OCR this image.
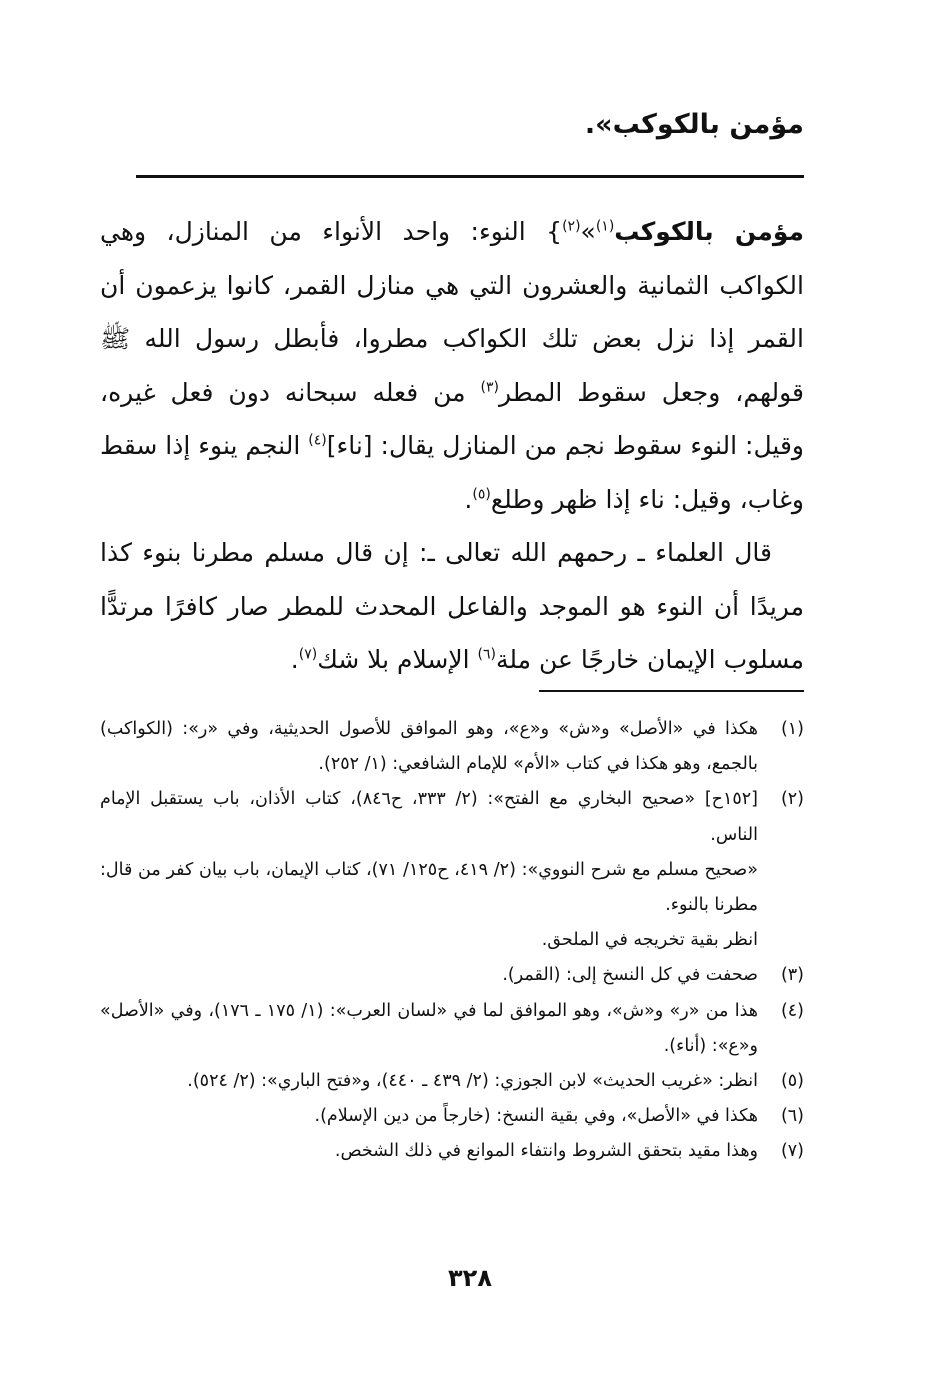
مؤمن بالكوكب».

مؤمن بالكوكب$^{(١)}$»$^{(٢)}$} النوء: واحد الأنواء من المنازل، وهي الكواكب الثمانية والعشرون التي هي منازل القمر، كانوا يزعمون أن القمر إذا نزل بعض تلك الكواكب مطروا، فأبطل رسول الله ﷺ قولهم، وجعل سقوط المطر$^{(٣)}$ من فعله سبحانه دون فعل غيره، وقيل: النوء سقوط نجم من المنازل يقال: [ناء]$^{(٤)}$ النجم ينوء إذا سقط وغاب، وقيل: ناء إذا ظهر وطلع$^{(٥)}$.

قال العلماء ـ رحمهم الله تعالى ـ: إن قال مسلم مطرنا بنوء كذا مريدًا أن النوء هو الموجد والفاعل المحدث للمطر صار كافرًا مرتدًّا مسلوب الإيمان خارجًا عن ملة$^{(٦)}$ الإسلام بلا شك$^{(٧)}$.

(١)

هكذا في «الأصل» و«ش» و«ع»، وهو الموافق للأصول الحديثية، وفي «ر»: (الكواكب) بالجمع، وهو هكذا في كتاب «الأم» للإمام الشافعي: (١/ ٢٥٢).

(٢)

[١٥٢ح] «صحيح البخاري مع الفتح»: (٢/ ٣٣٣، ح٨٤٦)، كتاب الأذان، باب يستقبل الإمام الناس.

«صحيح مسلم مع شرح النووي»: (٢/ ٤١٩، ح١٢٥/ ٧١)، كتاب الإيمان، باب بيان كفر من قال: مطرنا بالنوء.

انظر بقية تخريجه في الملحق.

(٣)

صحفت في كل النسخ إلى: (القمر).

(٤)

هذا من «ر» و«ش»، وهو الموافق لما في «لسان العرب»: (١/ ١٧٥ ـ ١٧٦)، وفي «الأصل» و«ع»: (أناء).

(٥)

انظر: «غريب الحديث» لابن الجوزي: (٢/ ٤٣٩ ـ ٤٤٠)، و«فتح الباري»: (٢/ ٥٢٤).

(٦)

هكذا في «الأصل»، وفي بقية النسخ: (خارجاً من دين الإسلام).

(٧)

وهذا مقيد بتحقق الشروط وانتفاء الموانع في ذلك الشخص.

٣٢٨
